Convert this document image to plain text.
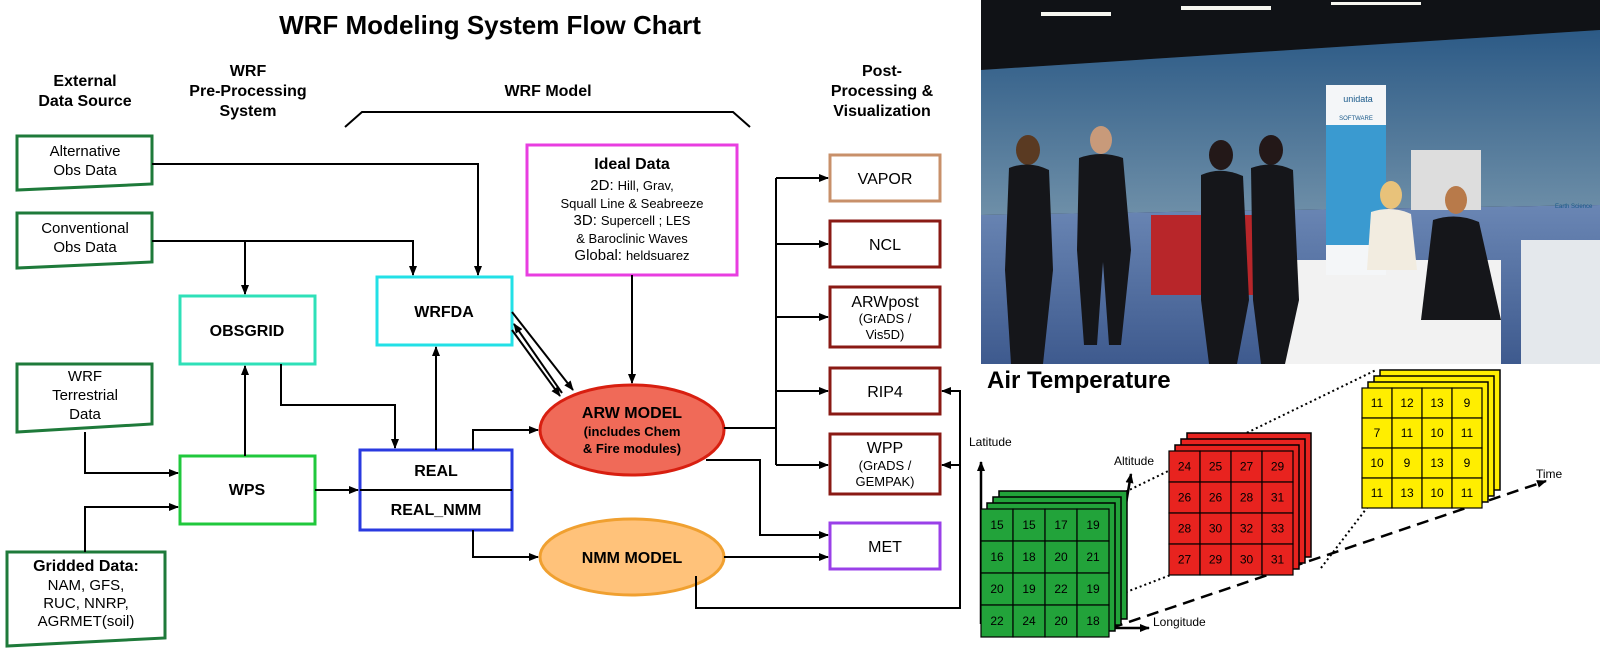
WRF Modeling System Flow Chart
External
Data Source
WRF
Pre-Processing
System
WRF Model
Post-
Processing &
Visualization
Alternative
Obs Data
Conventional
Obs Data
WRF
Terrestrial
Data
Gridded Data:
NAM, GFS,
RUC, NNRP,
AGRMET(soil)
OBSGRID
WRFDA
WPS
REAL
REAL_NMM
Ideal Data
2D: Hill, Grav,
Squall Line & Seabreeze
3D: Supercell ; LES
& Baroclinic Waves
Global: heldsuarez
ARW MODEL
(includes Chem
& Fire modules)
NMM MODEL
VAPOR
NCL
ARWpost
(GrADS /
Vis5D)
RIP4
WPP
(GrADS /
GEMPAK)
MET
unidata
SOFTWARE
Earth Science
Air Temperature
Latitude
Altitude
Longitude
Time
15 15 17 19
16 18 20 21
20 19 22 19
22 24 20 18
24 25 27 29
26 26 28 31
28 30 32 33
27 29 30 31
11 12 13 9
7 11 10 11
10 9 13 9
11 13 10 11
